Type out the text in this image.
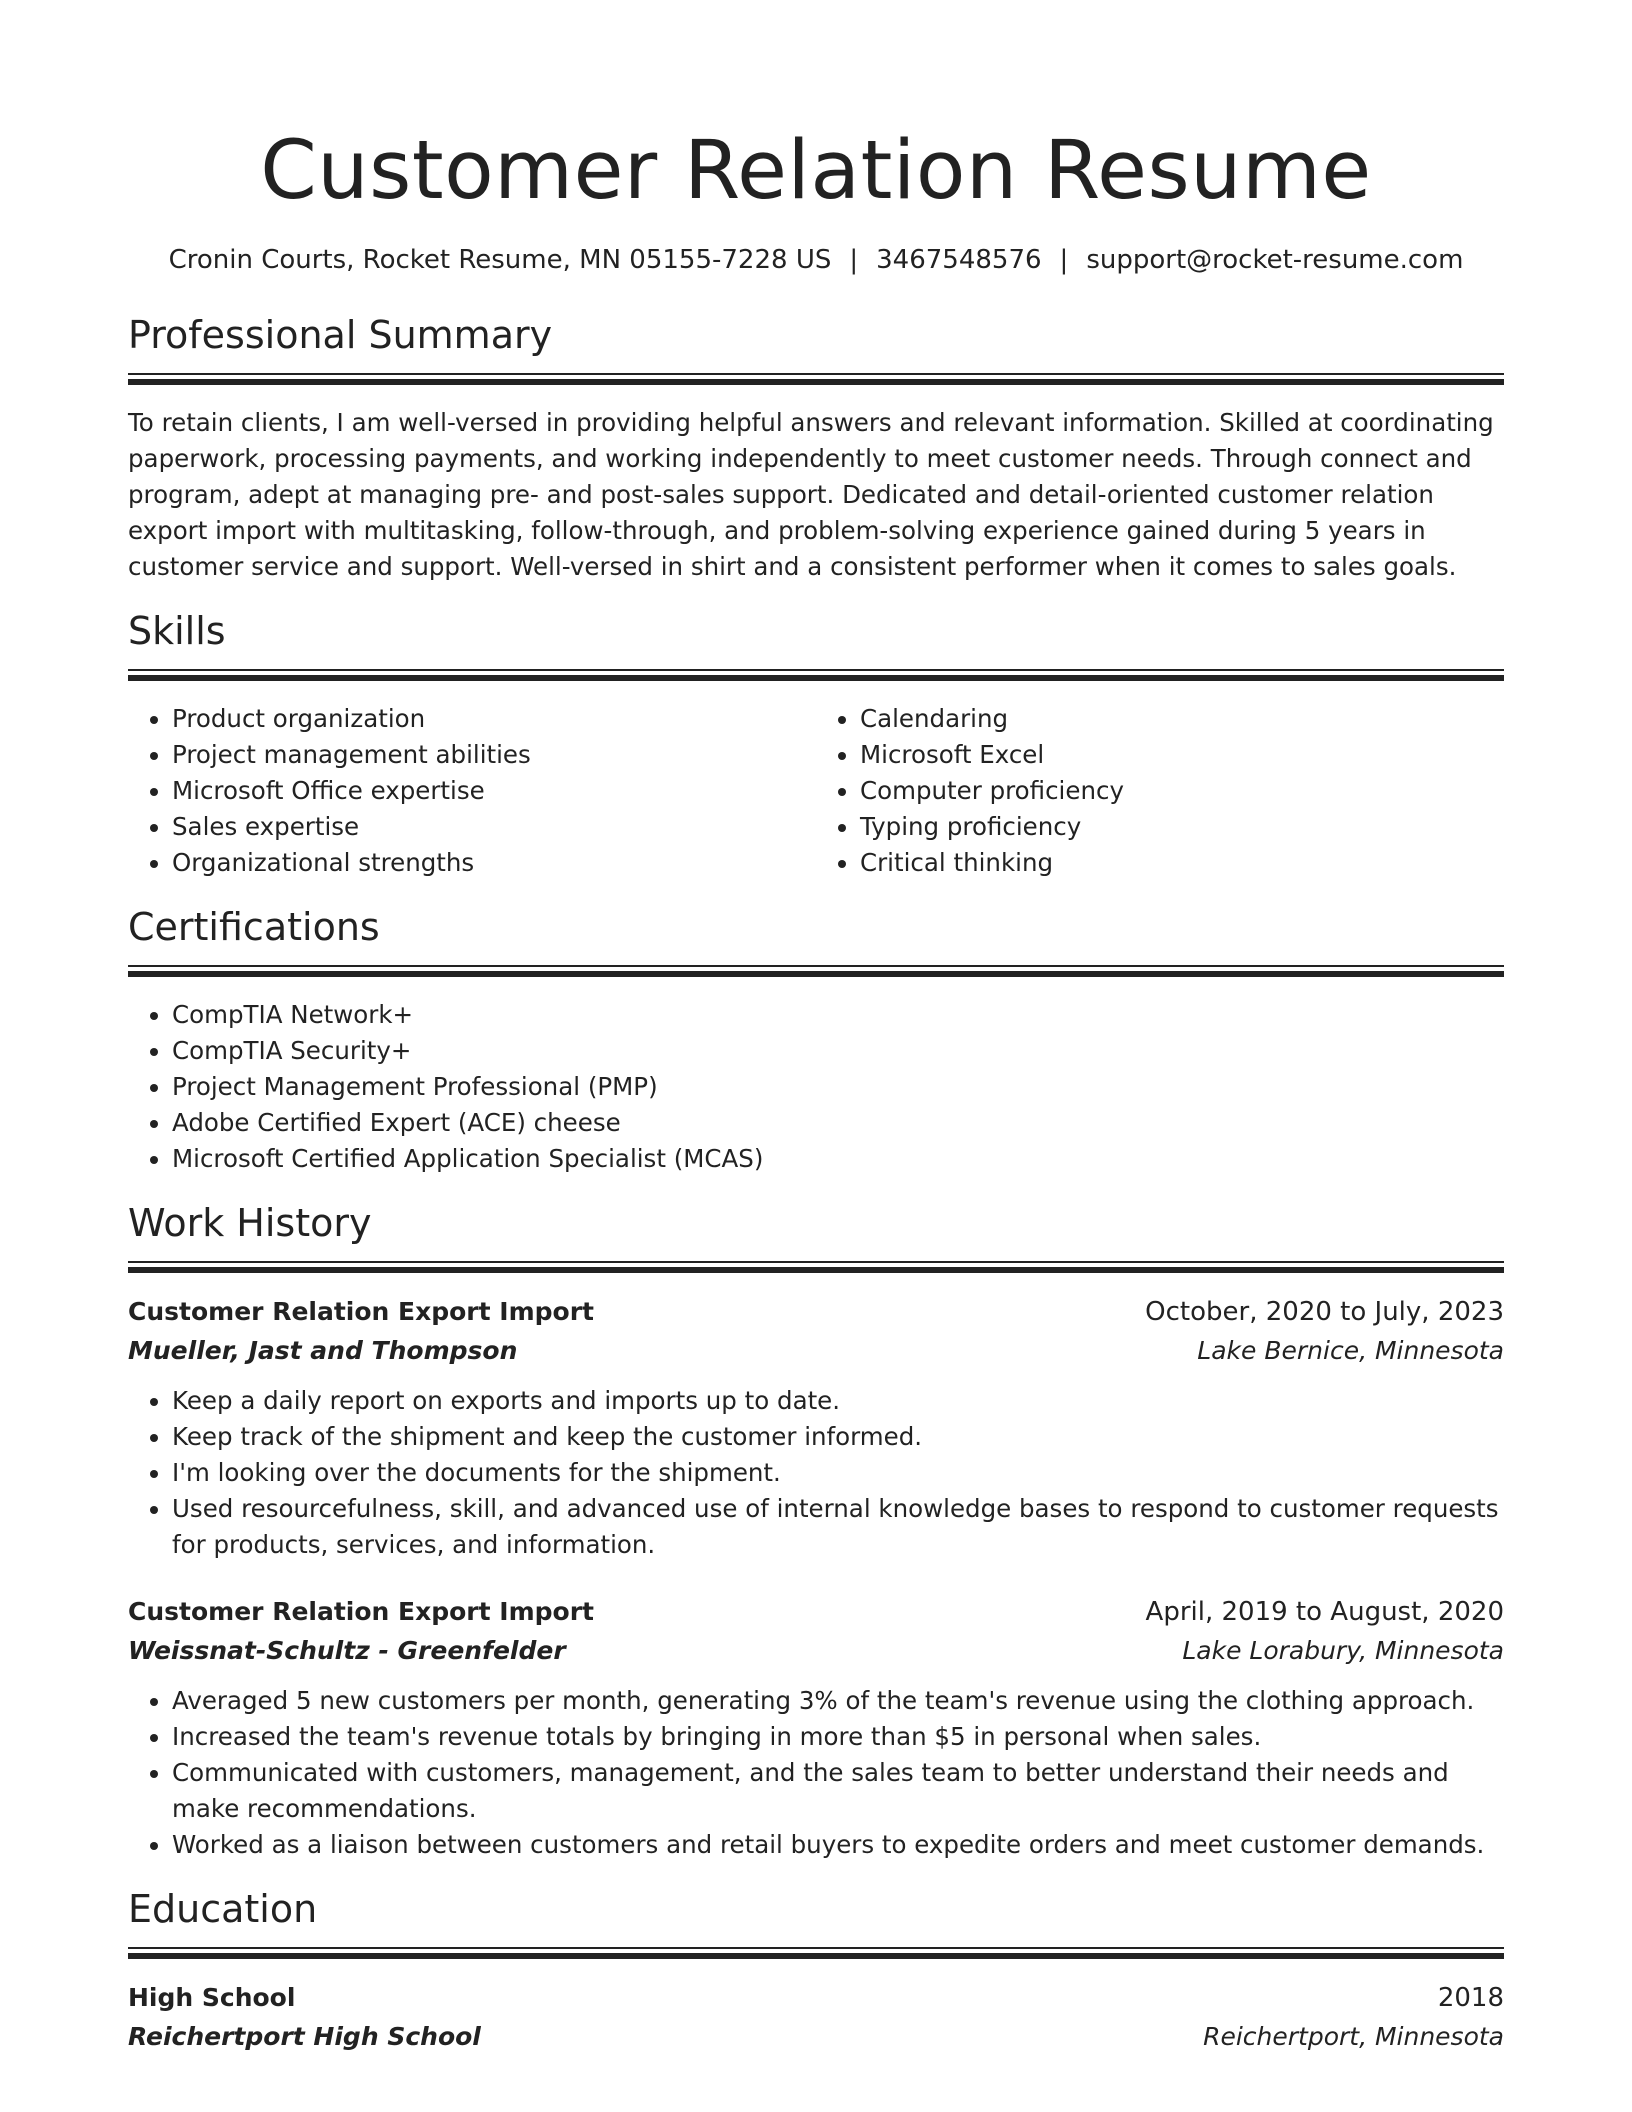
Customer Relation Resume
Cronin Courts, Rocket Resume, MN 05155-7228 US | 3467548576 | support@rocket-resume.com
Professional Summary

To retain clients, I am well-versed in providing helpful answers and relevant information. Skilled at coordinating paperwork, processing payments, and working independently to meet customer needs. Through connect and program, adept at managing pre- and post-sales support. Dedicated and detail-oriented customer relation export import with multitasking, follow-through, and problem-solving experience gained during 5 years in customer service and support. Well-versed in shirt and a consistent performer when it comes to sales goals.

Skills
• Product organization
• Project management abilities
• Microsoft Office expertise
• Sales expertise
• Organizational strengths
• Calendaring
• Microsoft Excel
• Computer proficiency
• Typing proficiency
• Critical thinking
Certifications
• CompTIA Network+
• CompTIA Security+
• Project Management Professional (PMP)
• Adobe Certified Expert (ACE) cheese
• Microsoft Certified Application Specialist (MCAS)
Work History
Customer Relation Export Import	October, 2020 to July, 2023
Mueller, Jast and Thompson	Lake Bernice, Minnesota
• Keep a daily report on exports and imports up to date.
• Keep track of the shipment and keep the customer informed.
• I'm looking over the documents for the shipment.
• Used resourcefulness, skill, and advanced use of internal knowledge bases to respond to customer requests for products, services, and information.
Customer Relation Export Import	April, 2019 to August, 2020
Weissnat-Schultz - Greenfelder	Lake Lorabury, Minnesota
• Averaged 5 new customers per month, generating 3% of the team's revenue using the clothing approach.
• Increased the team's revenue totals by bringing in more than $5 in personal when sales.
• Communicated with customers, management, and the sales team to better understand their needs and make recommendations.
• Worked as a liaison between customers and retail buyers to expedite orders and meet customer demands.
Education
High School	2018
Reichertport High School	Reichertport, Minnesota
